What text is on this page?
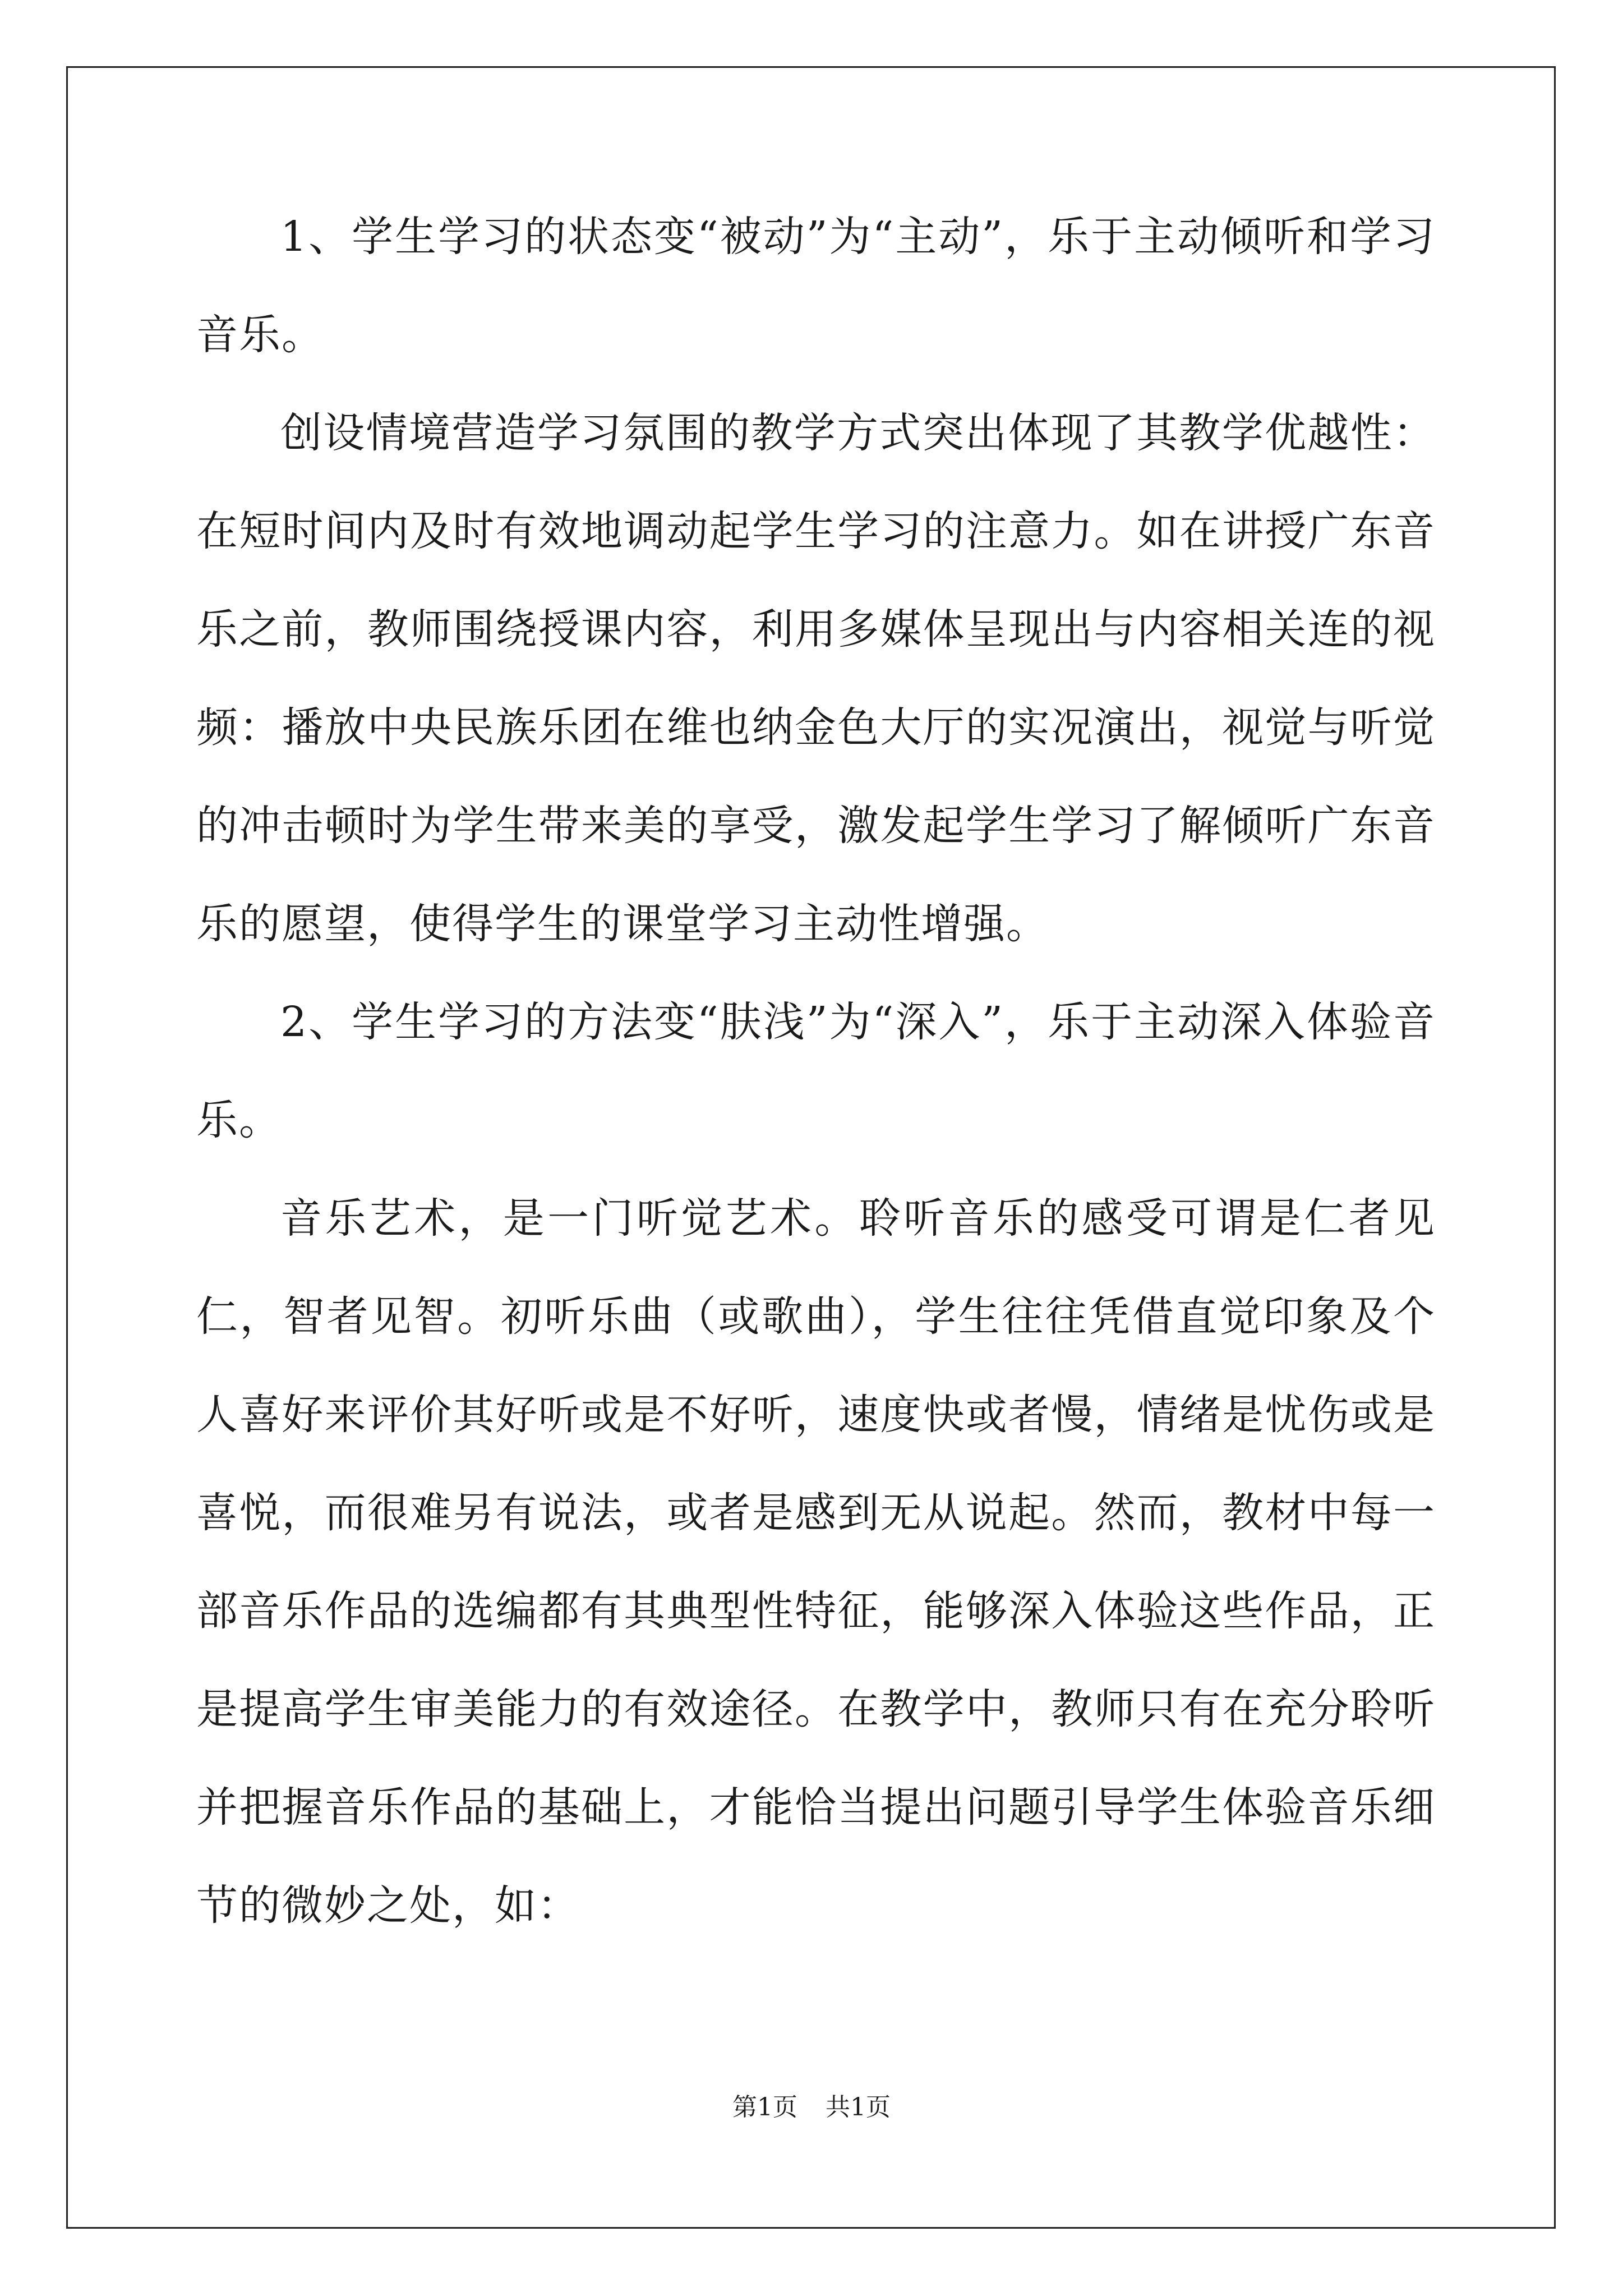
1、学生学习的状态变“被动”为“主动”，乐于主动倾听和学习音乐。

创设情境营造学习氛围的教学方式突出体现了其教学优越性：在短时间内及时有效地调动起学生学习的注意力。如在讲授广东音乐之前，教师围绕授课内容，利用多媒体呈现出与内容相关连的视频：播放中央民族乐团在维也纳金色大厅的实况演出，视觉与听觉的冲击顿时为学生带来美的享受，激发起学生学习了解倾听广东音乐的愿望，使得学生的课堂学习主动性增强。

2、学生学习的方法变“肤浅”为“深入”，乐于主动深入体验音乐。

音乐艺术，是一门听觉艺术。聆听音乐的感受可谓是仁者见仁，智者见智。初听乐曲（或歌曲），学生往往凭借直觉印象及个人喜好来评价其好听或是不好听，速度快或者慢，情绪是忧伤或是喜悦，而很难另有说法，或者是感到无从说起。然而，教材中每一部音乐作品的选编都有其典型性特征，能够深入体验这些作品，正是提高学生审美能力的有效途径。在教学中，教师只有在充分聆听并把握音乐作品的基础上，才能恰当提出问题引导学生体验音乐细节的微妙之处，如：

第1页 共1页
